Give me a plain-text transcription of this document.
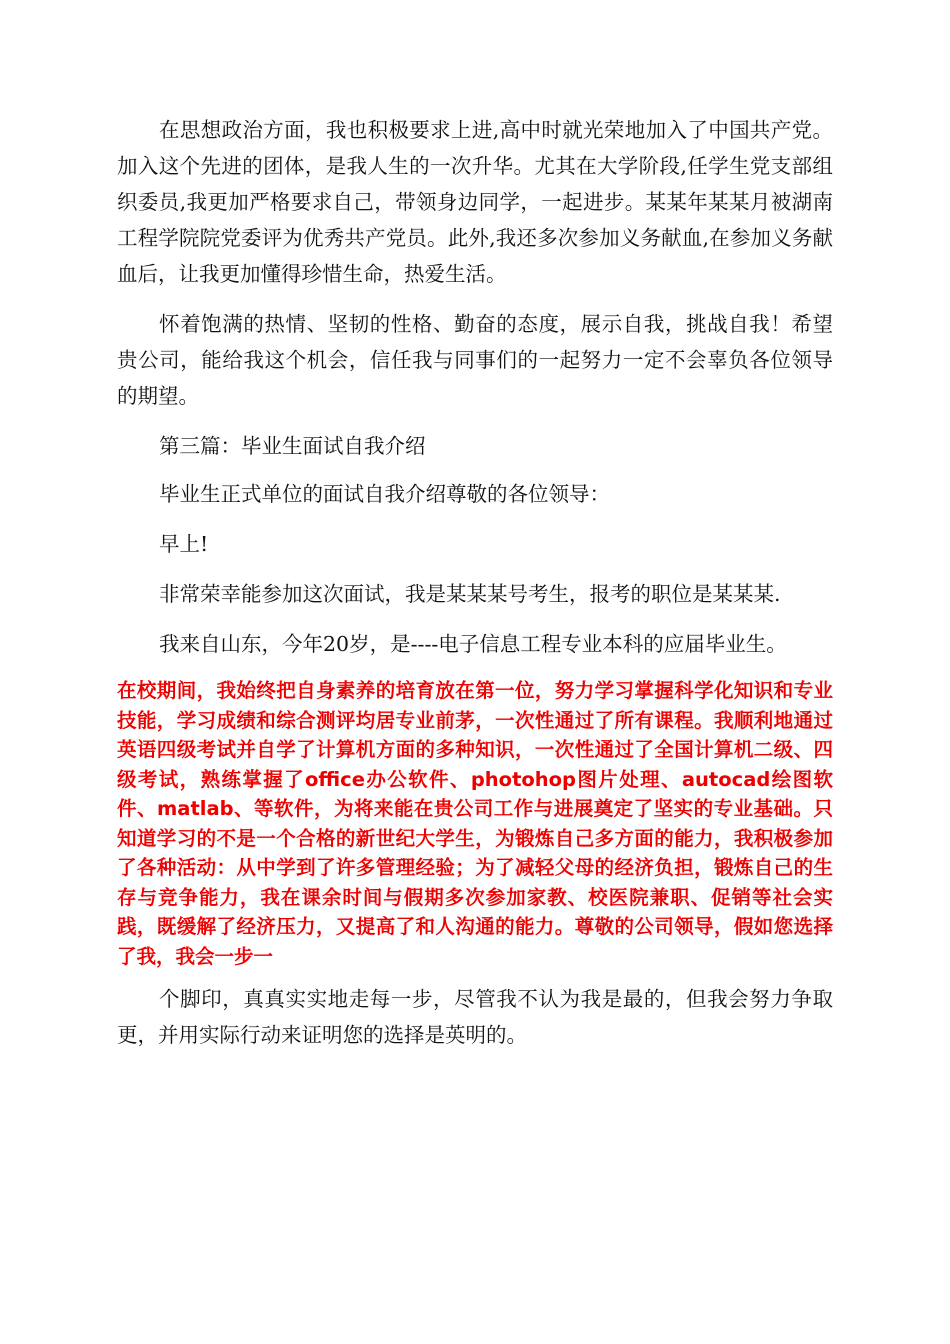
在思想政治方面，我也积极要求上进,高中时就光荣地加入了中国共产党。加入这个先进的团体，是我人生的一次升华。尤其在大学阶段,任学生党支部组织委员,我更加严格要求自己，带领身边同学，一起进步。某某年某某月被湖南工程学院院党委评为优秀共产党员。此外,我还多次参加义务献血,在参加义务献血后，让我更加懂得珍惜生命，热爱生活。

怀着饱满的热情、坚韧的性格、勤奋的态度，展示自我，挑战自我！希望贵公司，能给我这个机会，信任我与同事们的一起努力一定不会辜负各位领导的期望。

第三篇：毕业生面试自我介绍

毕业生正式单位的面试自我介绍尊敬的各位领导：

早上!

非常荣幸能参加这次面试，我是某某某号考生，报考的职位是某某某.

我来自山东，今年20岁，是----电子信息工程专业本科的应届毕业生。

在校期间，我始终把自身素养的培育放在第一位，努力学习掌握科学化知识和专业技能，学习成绩和综合测评均居专业前茅，一次性通过了所有课程。我顺利地通过英语四级考试并自学了计算机方面的多种知识，一次性通过了全国计算机二级、四级考试，熟练掌握了office办公软件、photohop图片处理、autocad绘图软件、matlab、等软件，为将来能在贵公司工作与进展奠定了坚实的专业基础。只知道学习的不是一个合格的新世纪大学生，为锻炼自己多方面的能力，我积极参加了各种活动：从中学到了许多管理经验；为了减轻父母的经济负担，锻炼自己的生存与竞争能力，我在课余时间与假期多次参加家教、校医院兼职、促销等社会实践，既缓解了经济压力，又提高了和人沟通的能力。尊敬的公司领导，假如您选择了我，我会一步一

个脚印，真真实实地走每一步，尽管我不认为我是最的，但我会努力争取更，并用实际行动来证明您的选择是英明的。
